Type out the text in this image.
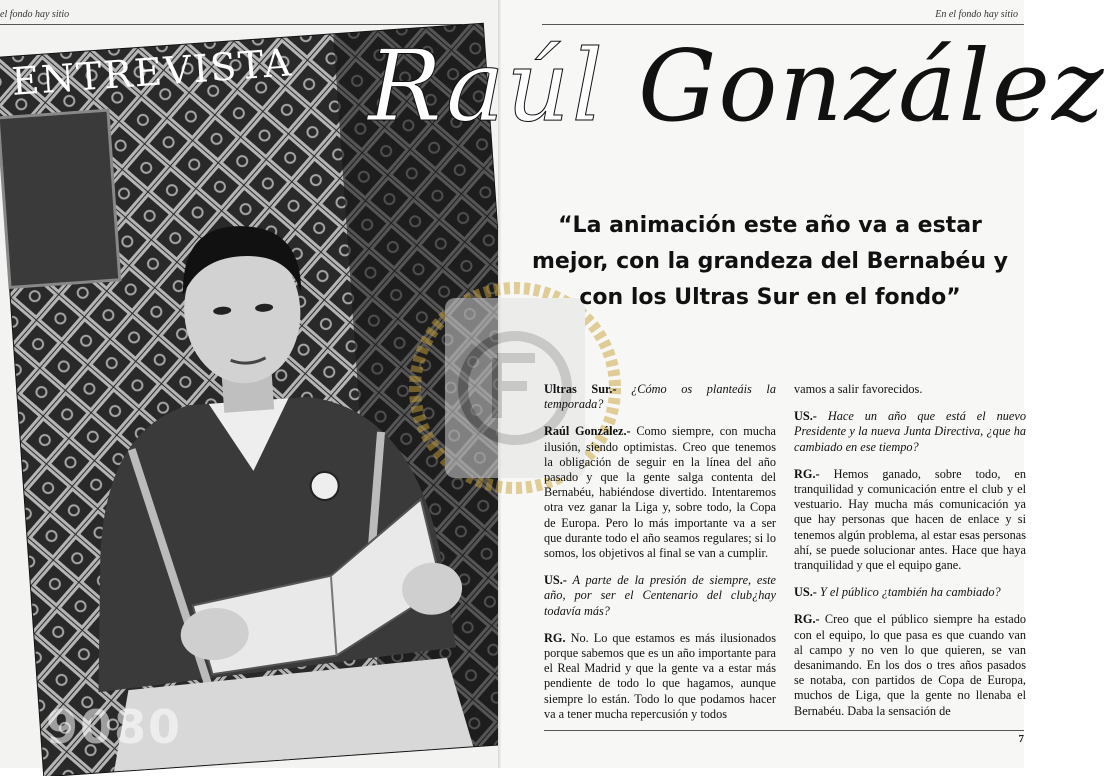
el fondo hay sitio
ENTREVISTA
9080
En el fondo hay sitio
Raúl González
“La animación este año va a estar mejor, con la grandeza del Bernabéu y con los Ultras Sur en el fondo”

Ultras Sur.- ¿Cómo os planteáis la temporada?

Raúl González.- Como siempre, con mucha ilusión, siendo optimistas. Creo que tenemos la obligación de seguir en la línea del año pasado y que la gente salga contenta del Bernabéu, habiéndose divertido. Intentaremos otra vez ganar la Liga y, sobre todo, la Copa de Europa. Pero lo más importante va a ser que durante todo el año seamos regulares; si lo somos, los objetivos al final se van a cumplir.

US.- A parte de la presión de siempre, este año, por ser el Centenario del club¿hay todavía más?

RG. No. Lo que estamos es más ilusionados porque sabemos que es un año importante para el Real Madrid y que la gente va a estar más pendiente de todo lo que hagamos, aunque siempre lo están. Todo lo que podamos hacer va a tener mucha repercusión y todos

vamos a salir favorecidos.

US.- Hace un año que está el nuevo Presidente y la nueva Junta Directiva, ¿que ha cambiado en ese tiempo?

RG.- Hemos ganado, sobre todo, en tranquilidad y comunicación entre el club y el vestuario. Hay mucha más comunicación ya que hay personas que hacen de enlace y si tenemos algún problema, al estar esas personas ahí, se puede solucionar antes. Hace que haya tranquilidad y que el equipo gane.

US.- Y el público ¿también ha cambiado?

RG.- Creo que el público siempre ha estado con el equipo, lo que pasa es que cuando van al campo y no ven lo que quieren, se van desanimando. En los dos o tres años pasados se notaba, con partidos de Copa de Europa, muchos de Liga, que la gente no llenaba el Bernabéu. Daba la sensación de

7
